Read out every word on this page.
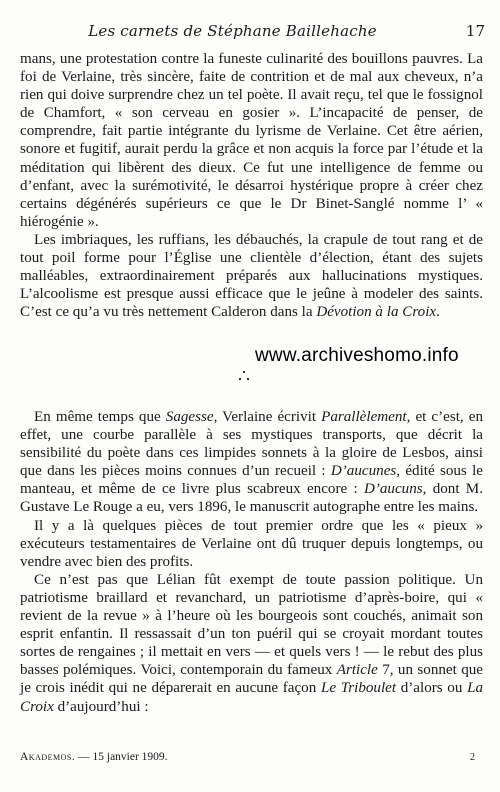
Les carnets de Stéphane Baillehache	17

mans, une protestation contre la funeste culinarité des bouillons pauvres. La foi de Verlaine, très sincère, faite de contrition et de mal aux cheveux, n’a rien qui doive surprendre chez un tel poète. Il avait reçu, tel que le fossignol de Chamfort, « son cerveau en gosier ». L’incapacité de penser, de comprendre, fait partie intégrante du lyrisme de Verlaine. Cet être aérien, sonore et fugitif, aurait perdu la grâce et non acquis la force par l’étude et la méditation qui libèrent des dieux. Ce fut une intelligence de femme ou d’enfant, avec la surémotivité, le désarroi hystérique propre à créer chez certains dégénérés supérieurs ce que le Dr Binet-Sanglé nomme l’ « hiérogénie ».

Les imbriaques, les ruffians, les débauchés, la crapule de tout rang et de tout poil forme pour l’Église une clientèle d’élection, étant des sujets malléables, extraordinairement préparés aux hallucinations mystiques. L’alcoolisme est presque aussi efficace que le jeûne à modeler des saints. C’est ce qu’a vu très nettement Calderon dans la Dévotion à la Croix.

www.archiveshomo.info

En même temps que Sagesse, Verlaine écrivit Parallèlement, et c’est, en effet, une courbe parallèle à ses mystiques transports, que décrit la sensibilité du poète dans ces limpides sonnets à la gloire de Lesbos, ainsi que dans les pièces moins connues d’un recueil : D’aucunes, édité sous le manteau, et même de ce livre plus scabreux encore : D’aucuns, dont M. Gustave Le Rouge a eu, vers 1896, le manuscrit autographe entre les mains.

Il y a là quelques pièces de tout premier ordre que les « pieux » exécuteurs testamentaires de Verlaine ont dû truquer depuis longtemps, ou vendre avec bien des profits.

Ce n’est pas que Lélian fût exempt de toute passion politique. Un patriotisme braillard et revanchard, un patriotisme d’après-boire, qui « revient de la revue » à l’heure où les bourgeois sont couchés, animait son esprit enfantin. Il ressassait d’un ton puéril qui se croyait mordant toutes sortes de rengaines ; il mettait en vers — et quels vers ! — le rebut des plus basses polémiques. Voici, contemporain du fameux Article 7, un sonnet que je crois inédit qui ne déparerait en aucune façon Le Triboulet d’alors ou La Croix d’aujourd’hui :

Akademos. — 15 janvier 1909.	2
